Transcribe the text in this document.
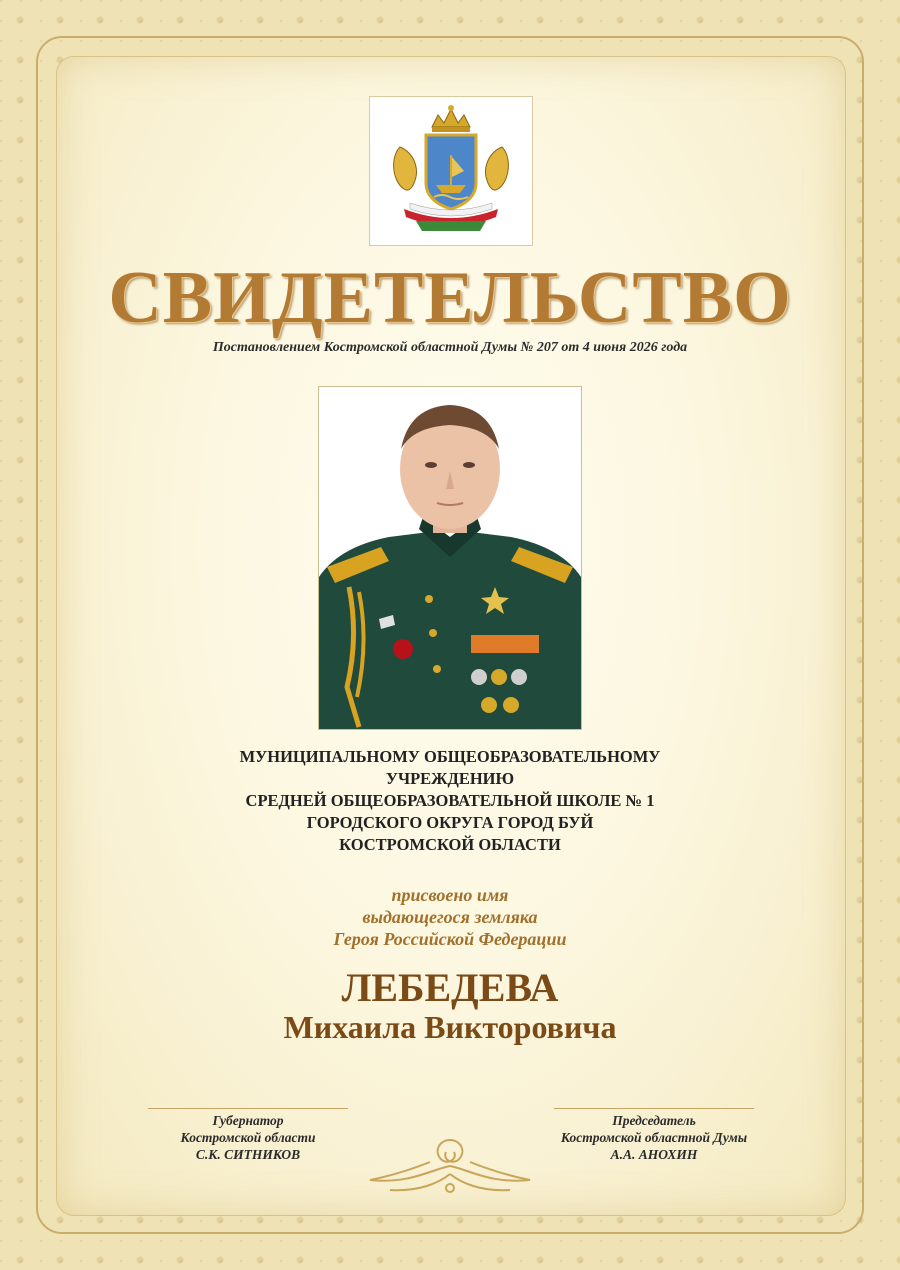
СВИДЕТЕЛЬСТВО
Постановлением Костромской областной Думы № 207 от 4 июня 2026 года
МУНИЦИПАЛЬНОМУ ОБЩЕОБРАЗОВАТЕЛЬНОМУ
УЧРЕЖДЕНИЮ
СРЕДНЕЙ ОБЩЕОБРАЗОВАТЕЛЬНОЙ ШКОЛЕ № 1
ГОРОДСКОГО ОКРУГА ГОРОД БУЙ
КОСТРОМСКОЙ ОБЛАСТИ
присвоено имя
выдающегося земляка
Героя Российской Федерации
ЛЕБЕДЕВА
Михаила Викторовича
Губернатор
Костромской области
С.К. СИТНИКОВ
Председатель
Костромской областной Думы
А.А. АНОХИН
